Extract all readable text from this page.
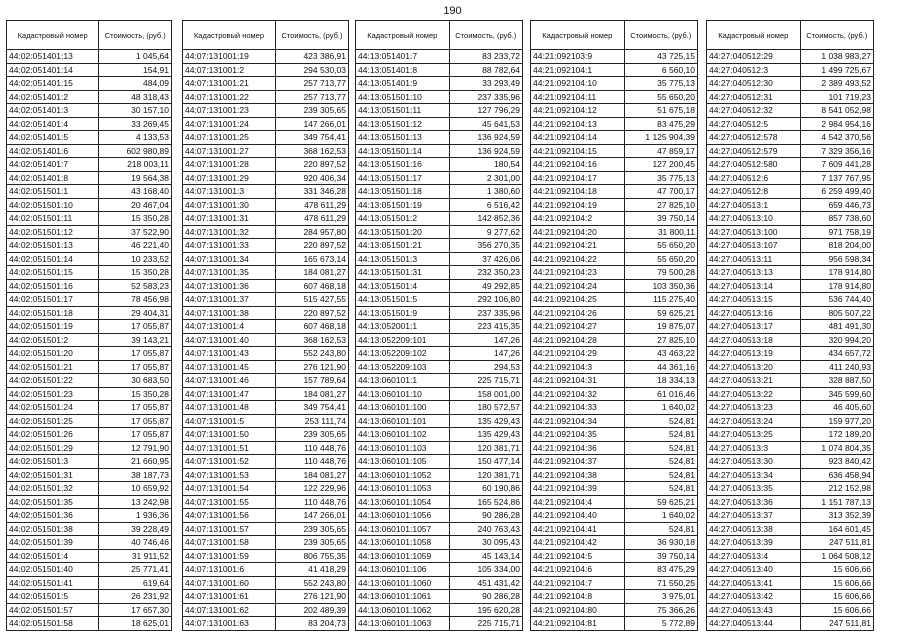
190
Кадастровый номер	Стоимость, (руб.)
44:02:051401:13	1 045,64
44:02:051401:14	154,91
44:02:051401:15	484,09
44:02:051401:2	48 318,43
44:02:051401:3	30 157,10
44:02:051401:4	33 269,45
44:02:051401:5	4 133,53
44:02:051401:6	602 980,89
44:02:051401:7	218 003,11
44:02:051401:8	19 564,38
44:02:051501:1	43 168,40
44:02:051501:10	20 467,04
44:02:051501:11	15 350,28
44:02:051501:12	37 522,90
44:02:051501:13	46 221,40
44:02:051501:14	10 233,52
44:02:051501:15	15 350,28
44:02:051501:16	52 583,23
44:02:051501:17	78 456,98
44:02:051501:18	29 404,31
44:02:051501:19	17 055,87
44:02:051501:2	39 143,21
44:02:051501:20	17 055,87
44:02:051501:21	17 055,87
44:02:051501:22	30 683,50
44:02:051501:23	15 350,28
44:02:051501:24	17 055,87
44:02:051501:25	17 055,87
44:02:051501:26	17 055,87
44:02:051501:29	12 791,90
44:02:051501:3	21 660,95
44:02:051501:31	38 187,73
44:02:051501:32	10 659,92
44:02:051501:35	13 242,98
44:02:051501:36	1 936,36
44:02:051501:38	39 228,49
44:02:051501:39	40 746,46
44:02:051501:4	31 911,52
44:02:051501:40	25 771,41
44:02:051501:41	619,64
44:02:051501:5	26 231,92
44:02:051501:57	17 657,30
44:02:051501:58	18 625,01
Кадастровый номер	Стоимость, (руб.)
44:07:131001:19	423 386,91
44:07:131001:2	294 530,03
44:07:131001:21	257 713,77
44:07:131001:22	257 713,77
44:07:131001:23	239 305,65
44:07:131001:24	147 266,01
44:07:131001:25	349 754,41
44:07:131001:27	368 162,53
44:07:131001:28	220 897,52
44:07:131001:29	920 406,34
44:07:131001:3	331 346,28
44:07:131001:30	478 611,29
44:07:131001:31	478 611,29
44:07:131001:32	284 957,80
44:07:131001:33	220 897,52
44:07:131001:34	165 673,14
44:07:131001:35	184 081,27
44:07:131001:36	607 468,18
44:07:131001:37	515 427,55
44:07:131001:38	220 897,52
44:07:131001:4	607 468,18
44:07:131001:40	368 162,53
44:07:131001:43	552 243,80
44:07:131001:45	276 121,90
44:07:131001:46	157 789,64
44:07:131001:47	184 081,27
44:07:131001:48	349 754,41
44:07:131001:5	253 111,74
44:07:131001:50	239 305,65
44:07:131001:51	110 448,76
44:07:131001:52	110 448,76
44:07:131001:53	184 081,27
44:07:131001:54	122 229,96
44:07:131001:55	110 448,76
44:07:131001:56	147 266,01
44:07:131001:57	239 305,65
44:07:131001:58	239 305,65
44:07:131001:59	806 755,35
44:07:131001:6	41 418,29
44:07:131001:60	552 243,80
44:07:131001:61	276 121,90
44:07:131001:62	202 489,39
44:07:131001:63	83 204,73
Кадастровый номер	Стоимость, (руб.)
44:13:051401:7	83 233,72
44:13:051401:8	88 782,64
44:13:051401:9	33 293,49
44:13:051501:10	237 335,96
44:13:051501:11	127 796,29
44:13:051501:12	45 641,53
44:13:051501:13	136 924,59
44:13:051501:14	136 924,59
44:13:051501:16	180,54
44:13:051501:17	2 301,00
44:13:051501:18	1 380,60
44:13:051501:19	6 516,42
44:13:051501:2	142 852,36
44:13:051501:20	9 277,62
44:13:051501:21	356 270,35
44:13:051501:3	37 426,06
44:13:051501:31	232 350,23
44:13:051501:4	49 292,85
44:13:051501:5	292 106,80
44:13:051501:9	237 335,96
44:13:052001:1	223 415,35
44:13:052209:101	147,26
44:13:052209:102	147,26
44:13:052209:103	294,53
44:13:060101:1	225 715,71
44:13:060101:10	158 001,00
44:13:060101:100	180 572,57
44:13:060101:101	135 429,43
44:13:060101:102	135 429,43
44:13:060101:103	120 381,71
44:13:060101:105	150 477,14
44:13:060101:1052	120 381,71
44:13:060101:1053	60 190,86
44:13:060101:1054	165 524,86
44:13:060101:1056	90 286,28
44:13:060101:1057	240 763,43
44:13:060101:1058	30 095,43
44:13:060101:1059	45 143,14
44:13:060101:106	105 334,00
44:13:060101:1060	451 431,42
44:13:060101:1061	90 286,28
44:13:060101:1062	195 620,28
44:13:060101:1063	225 715,71
Кадастровый номер	Стоимость, (руб.)
44:21:092103:9	43 725,15
44:21:092104:1	6 560,10
44:21:092104:10	35 775,13
44:21:092104:11	55 650,20
44:21:092104:12	51 675,18
44:21:092104:13	83 475,29
44:21:092104:14	1 125 904,39
44:21:092104:15	47 859,17
44:21:092104:16	127 200,45
44:21:092104:17	35 775,13
44:21:092104:18	47 700,17
44:21:092104:19	27 825,10
44:21:092104:2	39 750,14
44:21:092104:20	31 800,11
44:21:092104:21	55 650,20
44:21:092104:22	55 650,20
44:21:092104:23	79 500,28
44:21:092104:24	103 350,36
44:21:092104:25	115 275,40
44:21:092104:26	59 625,21
44:21:092104:27	19 875,07
44:21:092104:28	27 825,10
44:21:092104:29	43 463,22
44:21:092104:3	44 361,16
44:21:092104:31	18 334,13
44:21:092104:32	61 016,46
44:21:092104:33	1 640,02
44:21:092104:34	524,81
44:21:092104:35	524,81
44:21:092104:36	524,81
44:21:092104:37	524,81
44:21:092104:38	524,81
44:21:092104:39	524,81
44:21:092104:4	59 625,21
44:21:092104:40	1 640,02
44:21:092104:41	524,81
44:21:092104:42	36 930,18
44:21:092104:5	39 750,14
44:21:092104:6	83 475,29
44:21:092104:7	71 550,25
44:21:092104:8	3 975,01
44:21:092104:80	75 366,26
44:21:092104:81	5 772,89
Кадастровый номер	Стоимость, (руб.)
44:27:040512:29	1 038 983,27
44:27:040512:3	1 499 725,67
44:27:040512:30	2 389 493,52
44:27:040512:31	101 719,23
44:27:040512:32	8 541 052,98
44:27:040512:5	2 984 954,16
44:27:040512:578	4 542 370,56
44:27:040512:579	7 329 356,16
44:27:040512:580	7 609 441,28
44:27:040512:6	7 137 767,95
44:27:040512:8	6 259 499,40
44:27:040513:1	659 446,73
44:27:040513:10	857 738,60
44:27:040513:100	971 758,19
44:27:040513:107	818 204,00
44:27:040513:11	956 598,34
44:27:040513:13	178 914,80
44:27:040513:14	178 914,80
44:27:040513:15	536 744,40
44:27:040513:16	805 507,22
44:27:040513:17	481 491,30
44:27:040513:18	320 994,20
44:27:040513:19	434 657,72
44:27:040513:20	411 240,93
44:27:040513:21	328 887,50
44:27:040513:22	345 599,60
44:27:040513:23	46 405,60
44:27:040513:24	159 977,20
44:27:040513:25	172 189,20
44:27:040513:3	1 074 804,35
44:27:040513:30	923 840,42
44:27:040513:34	636 458,94
44:27:040513:35	212 152,98
44:27:040513:36	1 151 787,13
44:27:040513:37	313 352,39
44:27:040513:38	164 601,45
44:27:040513:39	247 511,81
44:27:040513:4	1 064 508,12
44:27:040513:40	15 606,66
44:27:040513:41	15 606,66
44:27:040513:42	15 606,66
44:27:040513:43	15 606,66
44:27:040513:44	247 511,81
